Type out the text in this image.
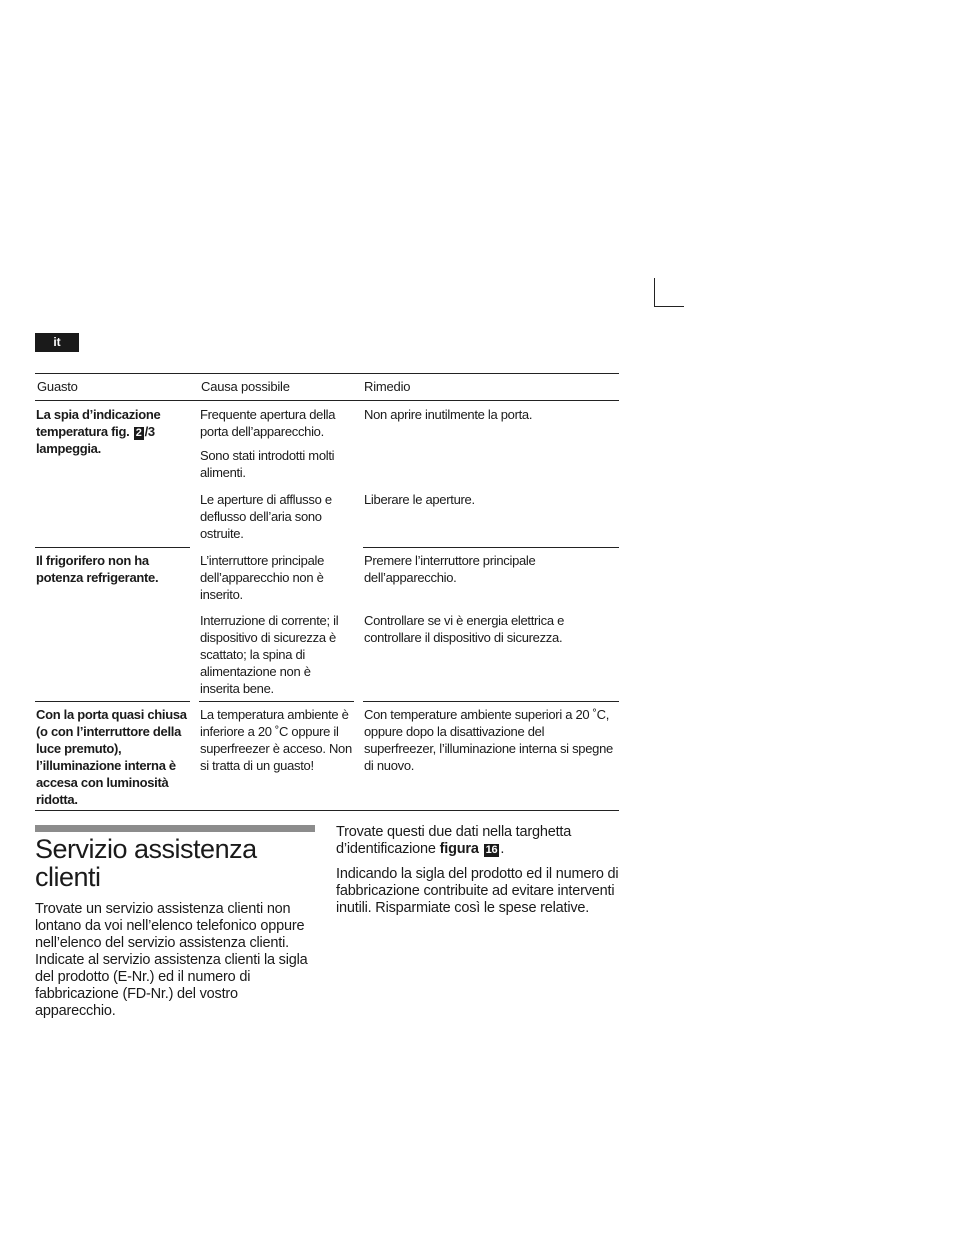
it
Guasto	Causa possibile	Rimedio
La spia d’indicazione temperatura fig. 2 /3 lampeggia.
Frequente apertura della porta dell’apparecchio.
Sono stati introdotti molti alimenti.
Le aperture di afflusso e deflusso dell’aria sono ostruite.
Non aprire inutilmente la porta.
Liberare le aperture.
Il frigorifero non ha potenza refrigerante.
L’interruttore principale dell’apparecchio non è inserito.
Interruzione di corrente; il dispositivo di sicurezza è scattato; la spina di alimentazione non è inserita bene.
Premere l’interruttore principale dell’apparecchio.
Controllare se vi è energia elettrica e controllare il dispositivo di sicurezza.
Con la porta quasi chiusa (o con l’interruttore della luce premuto), l’illuminazione interna è accesa con luminosità ridotta.
La temperatura ambiente è inferiore a 20 ˚C oppure il superfreezer è acceso. Non si tratta di un guasto!
Con temperature ambiente superiori a 20 ˚C, oppure dopo la disattivazione del superfreezer, l’illuminazione interna si spegne di nuovo.
Servizio assistenza clienti

Trovate un servizio assistenza clienti non lontano da voi nell’elenco telefonico oppure nell’elenco del servizio assistenza clienti. Indicate al servizio assistenza clienti la sigla del prodotto (E‑Nr.) ed il numero di fabbricazione (FD‑Nr.) del vostro apparecchio.

Trovate questi due dati nella targhetta d’identificazione figura 16 .

Indicando la sigla del prodotto ed il numero di fabbricazione contribuite ad evitare interventi inutili. Risparmiate così le spese relative.
